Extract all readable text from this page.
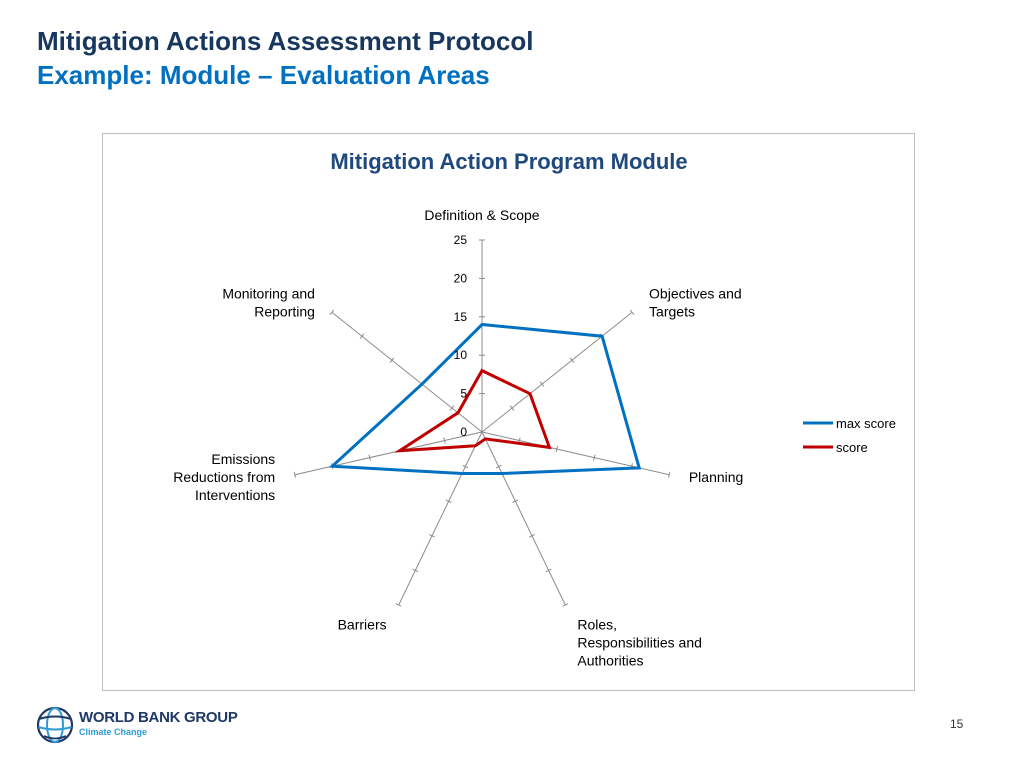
Mitigation Actions Assessment Protocol
Example: Module – Evaluation Areas
Mitigation Action Program Module
Definition & Scope
Objectives and
Targets
Planning
Roles,
Responsibilities and
Authorities
Barriers
Emissions
Reductions from
Interventions
Monitoring and
Reporting
0
5
10
15
20
25
max score
score
WORLD BANK GROUP
Climate Change
15
